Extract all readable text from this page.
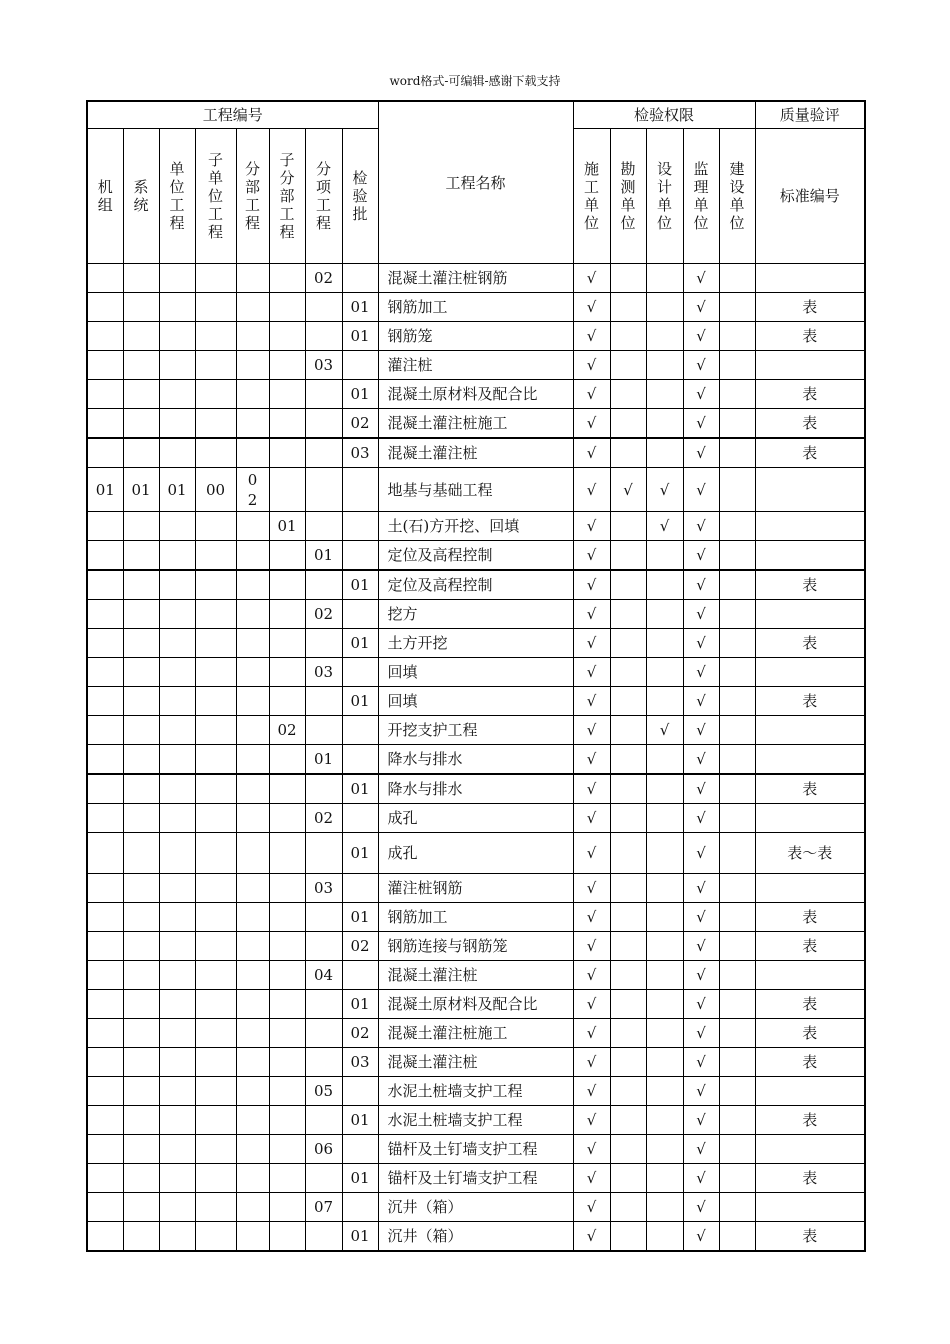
word格式-可编辑-感谢下载支持
工程编号								工程名称	检验权限					质量验评
机组	系统	单位工程	子单位工程	分部工程	子分部工程	分项工程	检验批		施工单位	勘测单位	设计单位	监理单位	建设单位	标准编号
						02		混凝土灌注桩钢筋	√			√		
							01	钢筋加工	√			√		表
							01	钢筋笼	√			√		表
						03		灌注桩	√			√		
							01	混凝土原材料及配合比	√			√		表
							02	混凝土灌注桩施工	√			√		表
							03	混凝土灌注桩	√			√		表
01	01	01	00	02				地基与基础工程	√	√	√	√		
					01			土(石)方开挖、回填	√		√	√		
						01		定位及高程控制	√			√		
							01	定位及高程控制	√			√		表
						02		挖方	√			√		
							01	土方开挖	√			√		表
						03		回填	√			√		
							01	回填	√			√		表
					02			开挖支护工程	√		√	√		
						01		降水与排水	√			√		
							01	降水与排水	√			√		表
						02		成孔	√			√		
							01	成孔	√			√		表～表
						03		灌注桩钢筋	√			√		
							01	钢筋加工	√			√		表
							02	钢筋连接与钢筋笼	√			√		表
						04		混凝土灌注桩	√			√		
							01	混凝土原材料及配合比	√			√		表
							02	混凝土灌注桩施工	√			√		表
							03	混凝土灌注桩	√			√		表
						05		水泥土桩墙支护工程	√			√		
							01	水泥土桩墙支护工程	√			√		表
						06		锚杆及土钉墙支护工程	√			√		
							01	锚杆及土钉墙支护工程	√			√		表
						07		沉井（箱）	√			√		
							01	沉井（箱）	√			√		表
